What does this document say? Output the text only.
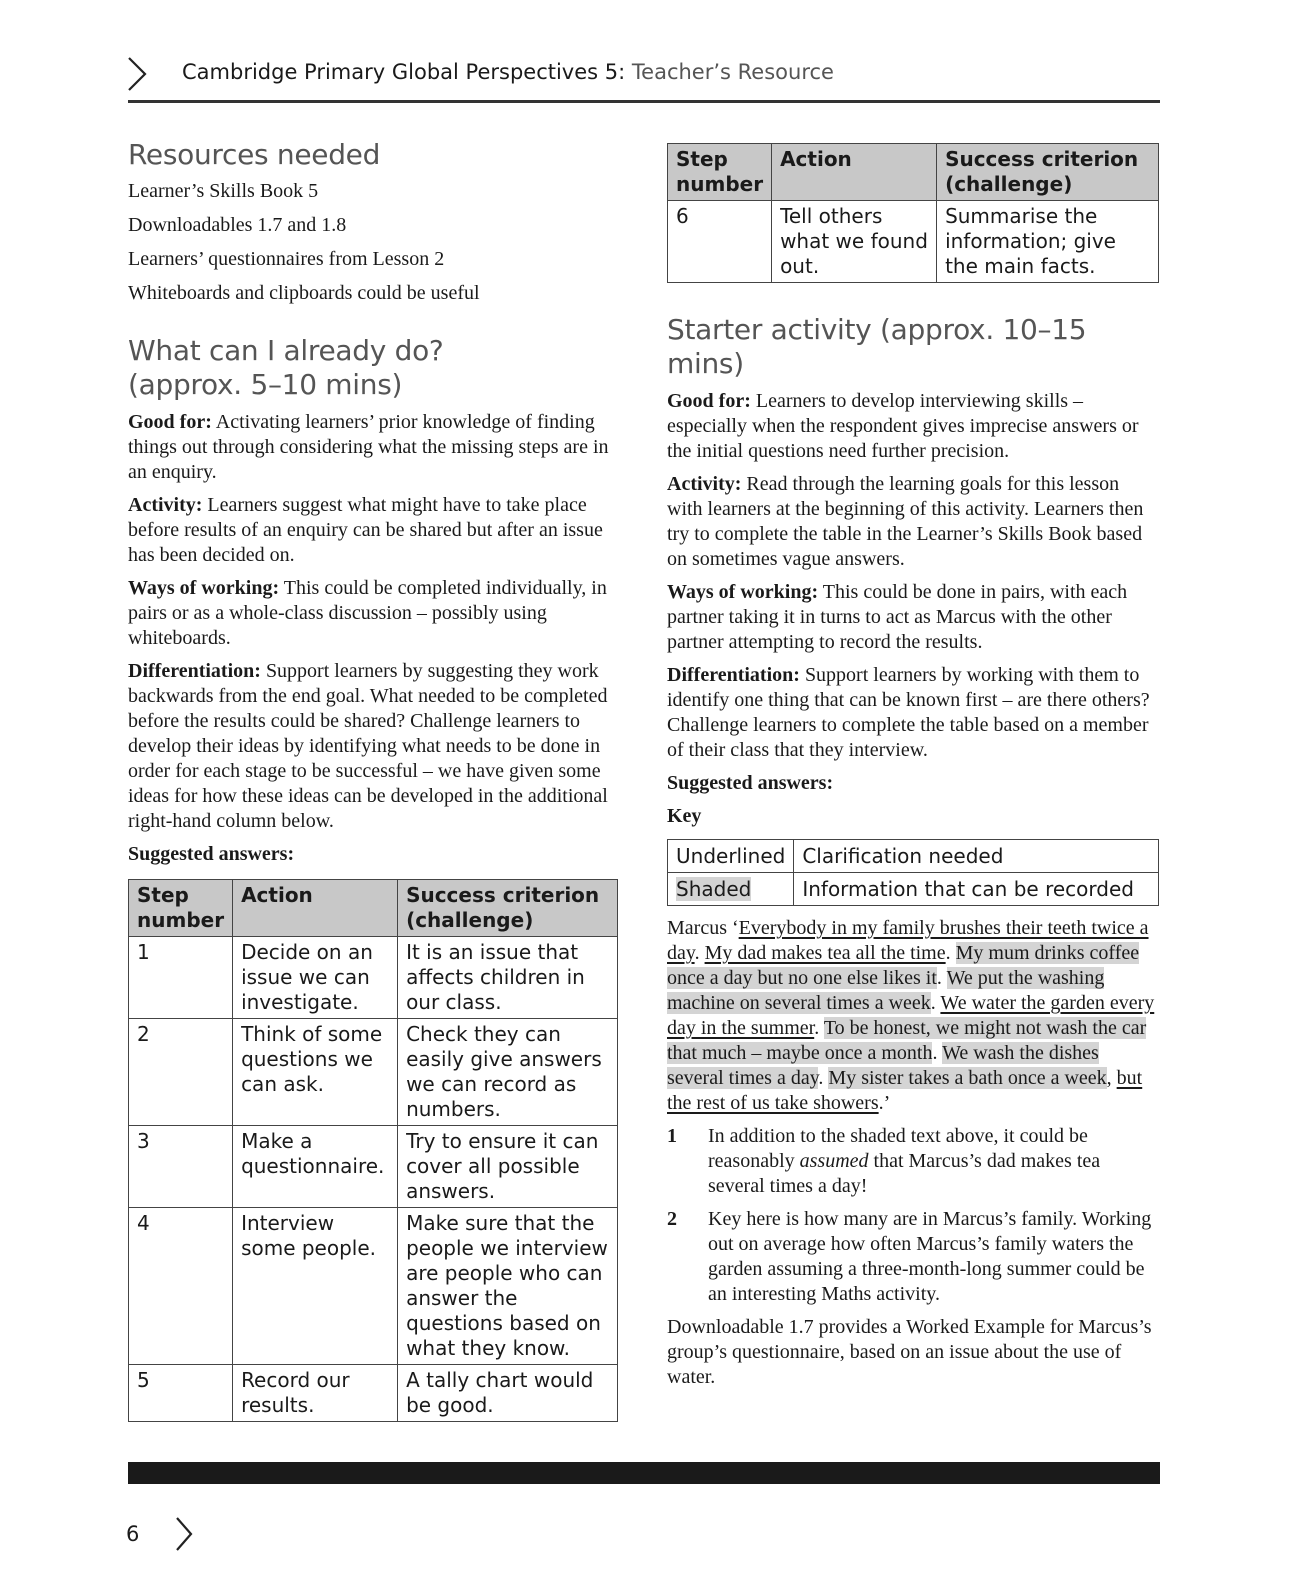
Cambridge Primary Global Perspectives 5: Teacher’s Resource
Resources needed

Learner’s Skills Book 5

Downloadables 1.7 and 1.8

Learners’ questionnaires from Lesson 2

Whiteboards and clipboards could be useful

What can I already do?
(approx. 5–10 mins)

Good for: Activating learners’ prior knowledge of finding things out through considering what the missing steps are in an enquiry.

Activity: Learners suggest what might have to take place before results of an enquiry can be shared but after an issue has been decided on.

Ways of working: This could be completed individually, in pairs or as a whole-class discussion – possibly using whiteboards.

Differentiation: Support learners by suggesting they work backwards from the end goal. What needed to be completed before the results could be shared? Challenge learners to develop their ideas by identifying what needs to be done in order for each stage to be successful – we have given some ideas for how these ideas can be developed in the additional right-hand column below.

Suggested answers:

Step number	Action	Success criterion (challenge)
1	Decide on an issue we can investigate.	It is an issue that affects children in our class.
2	Think of some questions we can ask.	Check they can easily give answers we can record as numbers.
3	Make a questionnaire.	Try to ensure it can cover all possible answers.
4	Interview some people.	Make sure that the people we interview are people who can answer the questions based on what they know.
5	Record our results.	A tally chart would be good.
Step number	Action	Success criterion (challenge)
6	Tell others what we found out.	Summarise the information; give the main facts.
Starter activity (approx. 10–15 mins)

Good for: Learners to develop interviewing skills – especially when the respondent gives imprecise answers or the initial questions need further precision.

Activity: Read through the learning goals for this lesson with learners at the beginning of this activity. Learners then try to complete the table in the Learner’s Skills Book based on sometimes vague answers.

Ways of working: This could be done in pairs, with each partner taking it in turns to act as Marcus with the other partner attempting to record the results.

Differentiation: Support learners by working with them to identify one thing that can be known first – are there others? Challenge learners to complete the table based on a member of their class that they interview.

Suggested answers:

Key

Underlined	Clarification needed
Shaded	Information that can be recorded

Marcus ‘Everybody in my family brushes their teeth twice a day. My dad makes tea all the time. My mum drinks coffee once a day but no one else likes it. We put the washing machine on several times a week. We water the garden every day in the summer. To be honest, we might not wash the car that much – maybe once a month. We wash the dishes several times a day. My sister takes a bath once a week, but the rest of us take showers.’

1 In addition to the shaded text above, it could be reasonably assumed that Marcus’s dad makes tea several times a day!
2 Key here is how many are in Marcus’s family. Working out on average how often Marcus’s family waters the garden assuming a three-month-long summer could be an interesting Maths activity.

Downloadable 1.7 provides a Worked Example for Marcus’s group’s questionnaire, based on an issue about the use of water.

6
